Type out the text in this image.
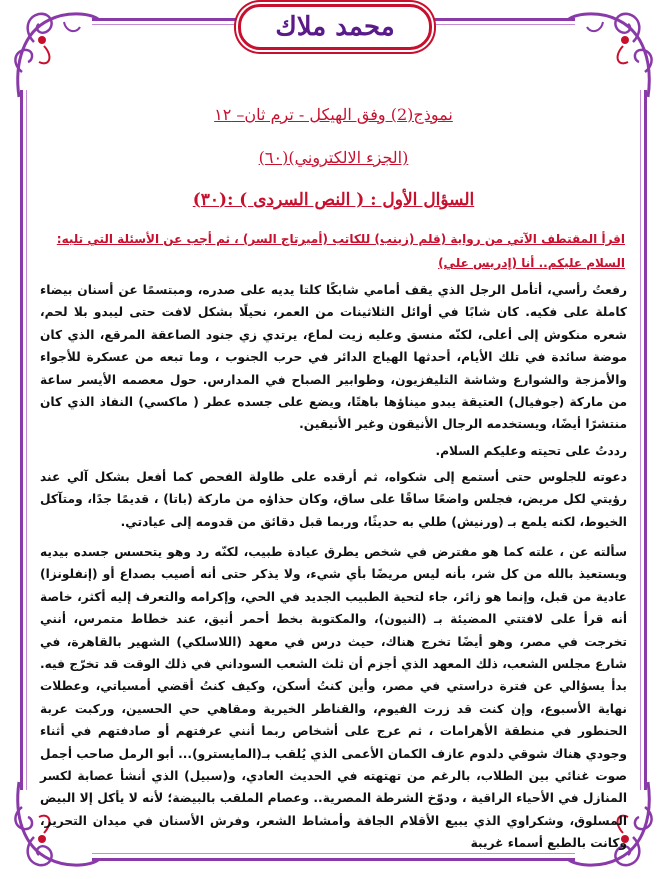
محمد ملاك
نموذج(2) وفق الهيكل - ترم ثان– ١٢
(الجزء الالكتروني)(٦٠)
السؤال الأول : ( النص السردى ) :(٣٠)
اقرأ المقتطف الآتي من رواية (قلم (زينب) للكاتب (أميرتاج السر) ، ثم أجب عن الأسئلة التي تليه:
السلام عليكم.. أنا (إدريس علي)

رفعتُ رأسي، أتأمل الرجل الذي يقف أمامي شابكًا كلتا يديه على صدره، ومبتسمًا عن أسنان بيضاء كاملة على فكيه. كان شابًا في أوائل الثلاثينات من العمر، نحيلًا بشكل لافت حتى ليبدو بلا لحم، شعره منكوش إلى أعلى، لكنّه منسق وعليه زيت لماع، يرتدي زي جنود الصاعقة المرقع، الذي كان موضة سائدة في تلك الأيام، أحدثها الهياج الدائر في حرب الجنوب ، وما تبعه من عسكرة للأجواء والأمزجة والشوارع وشاشة التليفزيون، وطوابير الصباح في المدارس. حول معصمه الأيسر ساعة من ماركة (جوفيال) العتيقة يبدو ميناؤها باهتًا، ويضع على جسده عطر ( ماكسي) النفاذ الذي كان منتشرًا أيضًا، ويستخدمه الرجال الأنيقون وغير الأنيقين.

رددتُ على تحيته وعليكم السلام.

دعوته للجلوس حتى أستمع إلى شكواه، ثم أرقده على طاولة الفحص كما أفعل بشكل آلي عند رؤيتي لكل مريض، فجلس واضعًا ساقًا على ساق، وكان حذاؤه من ماركة (باتا) ، قديمًا جدًا، ومتآكل الخيوط، لكنه يلمع بـ (ورنيش) طلي به حديثًا، وربما قبل دقائق من قدومه إلى عيادتي.

سألته عن ، علته كما هو مفترض في شخص يطرق عيادة طبيب، لكنّه رد وهو يتحسس جسده بيديه ويستعيذ بالله من كل شر، بأنه ليس مريضًا بأي شيء، ولا يذكر حتى أنه أصيب بصداع أو (إنفلونزا) عادية من قبل، وإنما هو زائر، جاء لتحية الطبيب الجديد في الحي، وإكرامه والتعرف إليه أكثر، خاصة أنه قرأ على لافتتي المضيئة بـ (النيون)، والمكتوبة بخط أحمر أنيق، عند خطاط متمرس، أنني تخرجت في مصر، وهو أيضًا تخرج هناك، حيث درس في معهد (اللاسلكي) الشهير بالقاهرة، في شارع مجلس الشعب، ذلك المعهد الذي أجزم أن ثلث الشعب السوداني في ذلك الوقت قد تخرّج فيه. بدأ يسؤالي عن فترة دراستي في مصر، وأين كنتُ أسكن، وكيف كنتُ أقضي أمسياتي، وعطلات نهاية الأسبوع، وإن كنت قد زرت الفيوم، والقناطر الخيرية ومقاهي حي الحسين، وركبت عربة الحنطور في منطقة الأهرامات ، ثم عرج على أشخاص ربما أنني عرفتهم أو صادفتهم في أثناء وجودي هناك شوقي دلدوم عازف الكمان الأعمى الذي يُلقب بـ(المايسترو)... أبو الرمل صاحب أجمل صوت غنائي بين الطلاب، بالرغم من تهتهته في الحديث العادي، و(سبيل) الذي أنشأ عصابة لكسر المنازل في الأحياء الراقية ، ودوّخ الشرطة المصرية.. وعصام الملقب بالبيضة؛ لأنه لا يأكل إلا البيض المسلوق، وشكراوي الذي يبيع الأقلام الجافة وأمشاط الشعر، وفرش الأسنان في ميدان التحرير، وكانت بالطبع أسماء غريبة
